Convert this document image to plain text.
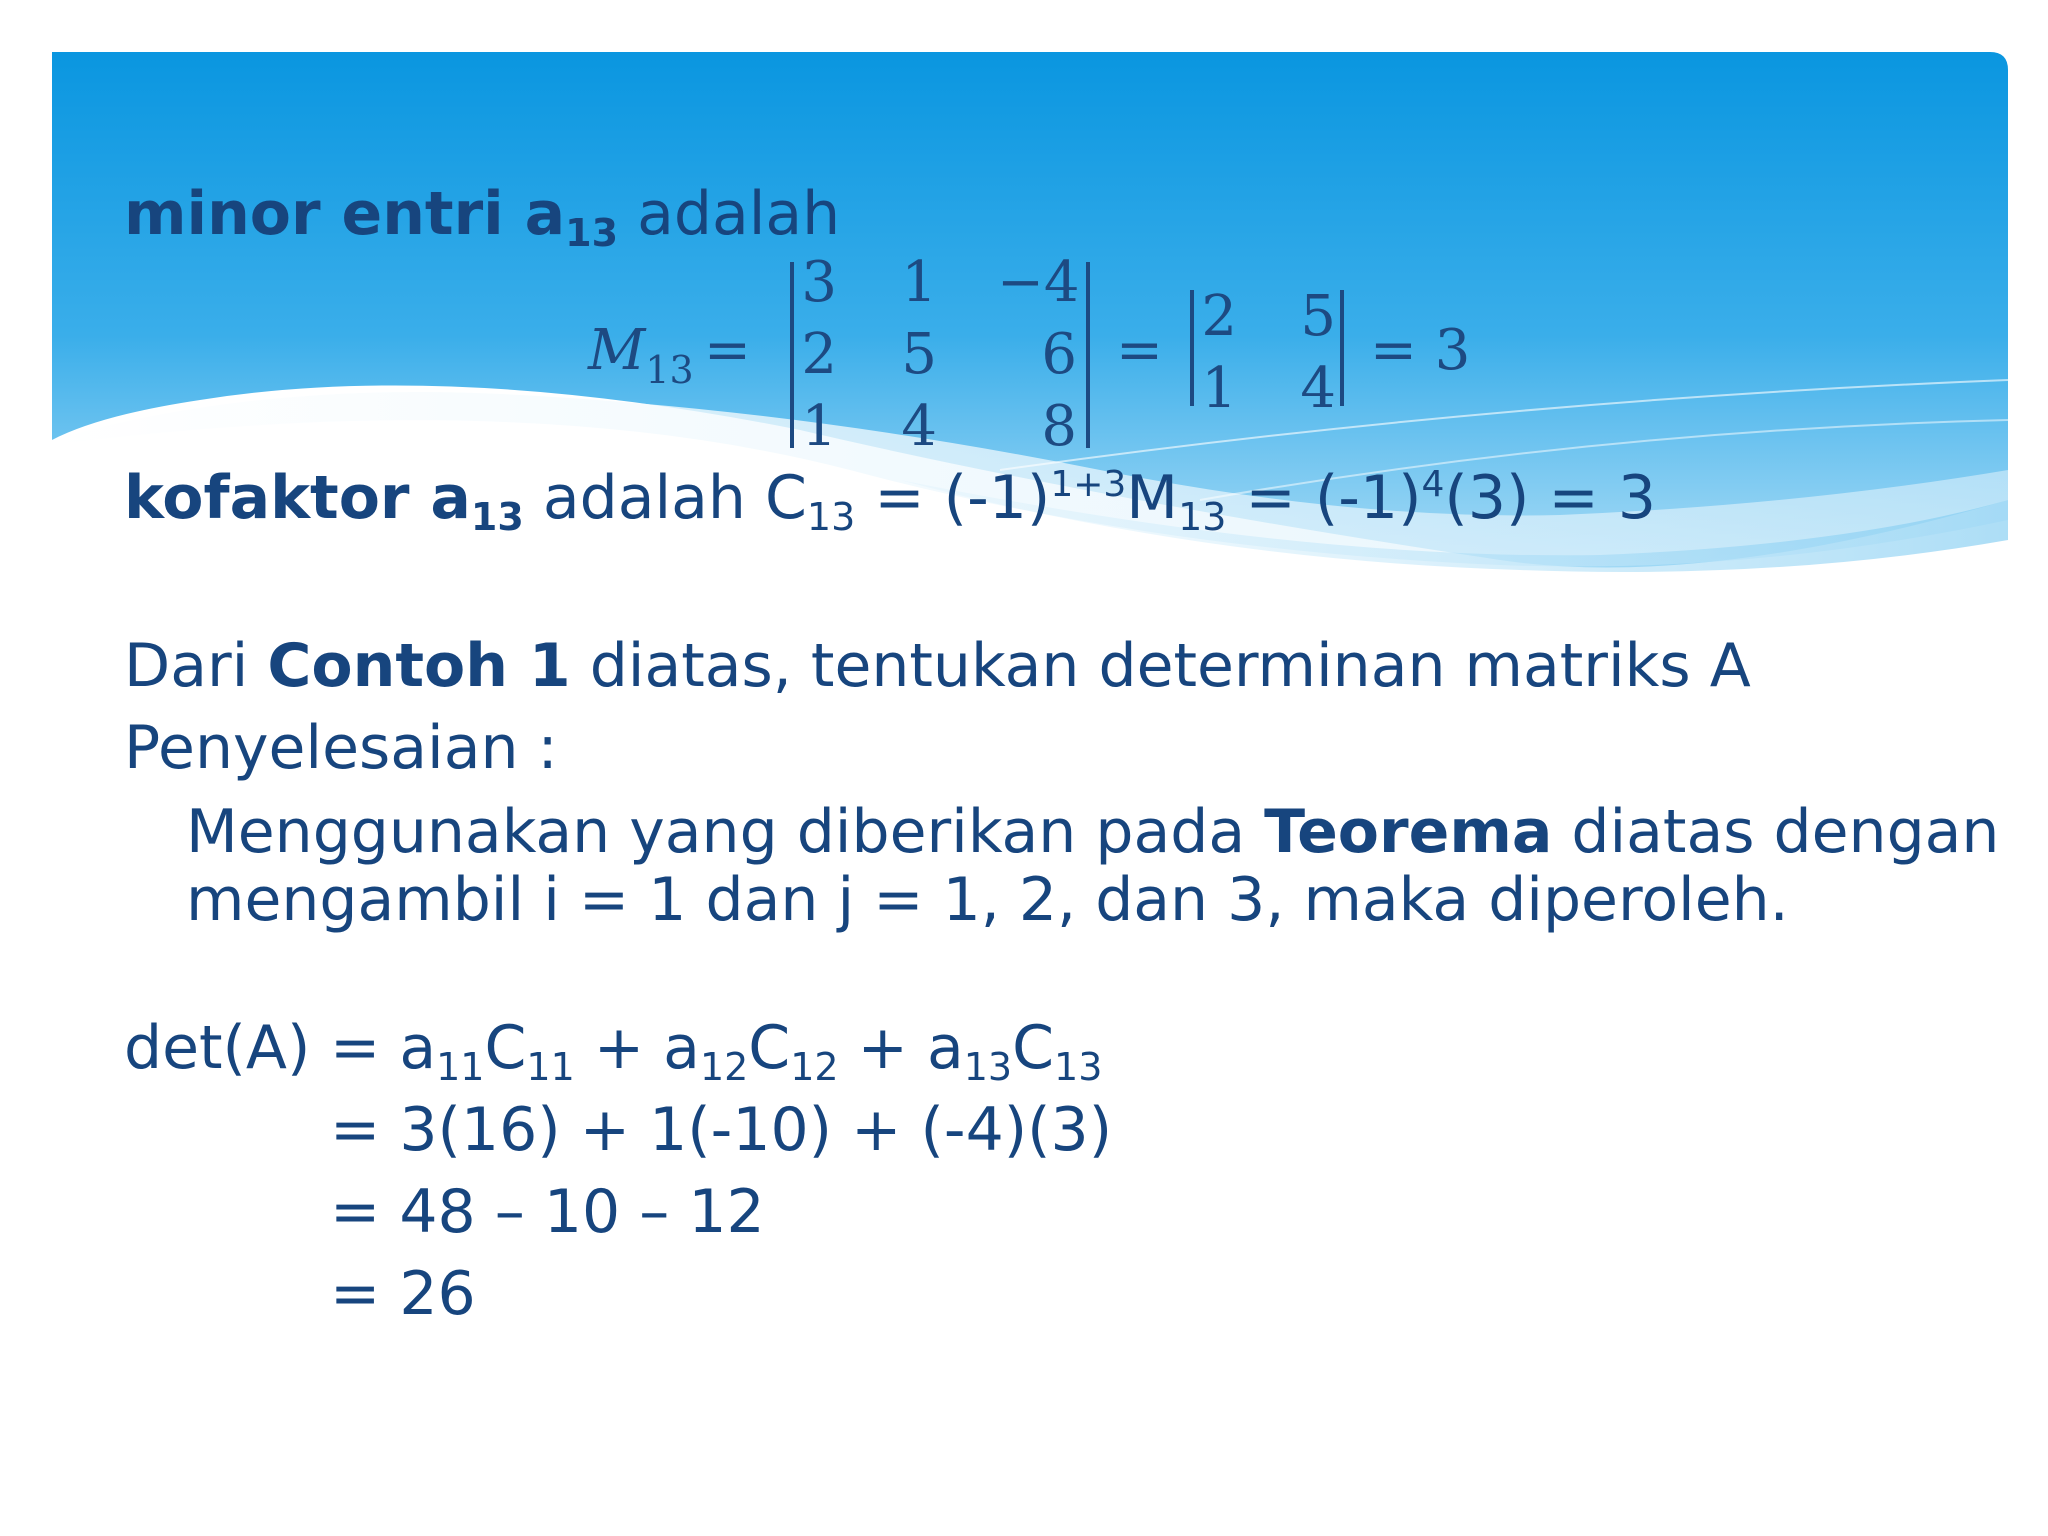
minor entri $a_{13}$ adalah
$M_{13}$ =
3	1 −4
2	5	6
1	4	8
=
2	5
1	4
= 3
kofaktor $a_{13}$ adalah $C_{13} = (-1)^{1+3}M_{13} = (-1)^4(3) = 3$
Dari Contoh 1 diatas, tentukan determinan matriks A
Penyelesaian :
Menggunakan yang diberikan pada Teorema diatas dengan
mengambil i = 1 dan j = 1, 2, dan 3, maka diperoleh.
$\det(A) = a_{11}C_{11} + a_{12}C_{12} + a_{13}C_{13}$
= 3(16) + 1(-10) + (-4)(3)
= 48 – 10 – 12
= 26
